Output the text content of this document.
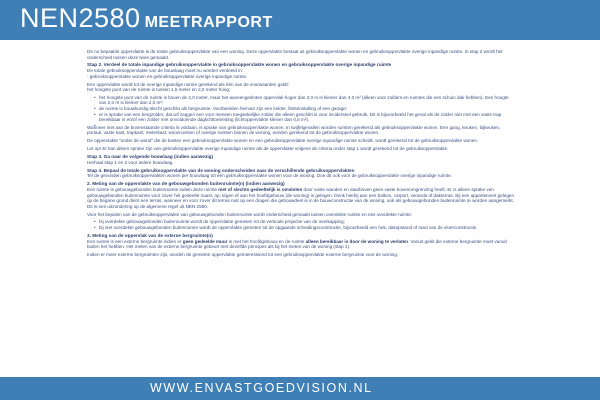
NEN2580 MEETRAPPORT

De nu bepaalde oppervlakte is de totale gebruiksoppervlakte van een woning. Deze oppervlakte bestaat uit gebruiksoppervlakte wonen en gebruiksoppervlakte overige inpandige ruimte. In stap 2 wordt het onderscheid tussen deze twee gemaakt.

Stap 2. Verdeel de totale inpandige gebruiksoppervlakte in gebruiksoppervlakte wonen en gebruiksoppervlakte overige inpandige ruimte

De totale gebruiksoppervlakte van de bouwlaag moet nu worden verdeeld in:
- gebruiksoppervlakte wonen en gebruiksoppervlakte overige inpandige ruimte.

Een oppervlakte wordt tot de overige inpandige ruimte gerekend als één van de voorwaarden geldt:
het hoogste punt van de ruimte is tussen 1,5 meter en 2,0 meter hoog;

• het hoogste punt van de ruimte is boven de 2,0 meter, maar het aaneengesloten oppervlak hoger dan 2,0 m is kleiner dan 4,0 m² (alleen voor zolders en ruimtes die een schuin dak hebben). Een hoogte van 2,0 m is kleiner dan 2,0 m²;
• de ruimte is bouwkundig slecht geschikt als bergruimte. Voorbeelden hiervan zijn een kelder, fietsenstalling of een garage;
• er is sprake van een bergzolder, dat wil zeggen een voor mensen toegankelijke zolder die alleen geschikt is voor incidenteel gebruik. Dit is bijvoorbeeld het geval als de zolder niet met een vaste trap bereikbaar is en/of een zolder met onvoldoende daglichttoetreding (lichtoppervlakte kleiner dan 0,5 m²).

Wanneer niet aan de bovenstaande criteria is voldaan, is sprake van gebruiksoppervlakte wonen. In twijfelgevallen worden ruimten gerekend als gebruiksoppervlakte wonen. Een gang, keuken, bijkeuken, portaal, vaste kast, trapkast, meterkast, woonruimten of overige ruimten binnen de woning, worden gerekend tot de gebruiksoppervlakte wonen.

De oppervlakte "onder de wand" die de kasten een gebruiksoppervlakte wonen en een gebruiksoppervlakte overige inpandige ruimte scheidt, wordt gerekend tot de gebruiksoppervlakte wonen.

Let op! Er kan alleen sprake zijn van gebruiksoppervlakte overige inpandige ruimte als de oppervlakte volgens de criteria onder stap 1 wordt gerekend tot de gebruiksoppervlakte.

Stap 3. Ga naar de volgende bouwlaag (indien aanwezig)

Herhaal stap 1 en 2 voor iedere bouwlaag.

Stap 4. Bepaal de totale gebruiksoppervlakte van de woning onderscheiden naar de verschillende gebruiksoppervlakten

Tel de gevonden gebruiksoppervlakten wonen per bouwlaag tot één gebruiksoppervlakte wonen voor de woning. Doe dit ook voor de gebruiksoppervlakte overige inpandige ruimte.

2. Meting van de oppervlakte van de gebouwgebonden buitenruimte(n) (indien aanwezig)

Een ruimte is gebouwgebonden buitenruimte indien deze ruimte niet of slechts gedeeltelijk is omsloten door vaste wanden en daarboven geen vaste bovenomgrenzing heeft. Er is alleen sprake van gebouwgebonden buitenruimte voor zover het gedeelte naast, op, tegen of aan het hoofdgebouw (de woning) is gelegen. Denk hierbij aan een balkon, carport, veranda of dakterras. Bij een appartement gelegen op de begane grond dient een terras, wanneer en voor zover dit terras rust op een dragen die gebouwdeel is in de bouwconstructie van de woning, ook als gebouwgebonden buitenruimte te worden aangemerkt. Dit is een uitzondering op de algemene regel uit NEN 2580.

Voor het bepalen van de gebruiksoppervlakte van gebouwgebonden buitenruimte wordt onderscheid gemaakt tussen overdekte ruimte en niet overdekte ruimte:

• bij overdekte gebouwgebonden buitenruimte wordt de oppervlakte gemeten tot de verticale projectie van de overkapping;
• bij niet overdekte gebouwgebonden buitenruimte wordt de oppervlakte gemeten tot de opgaande scheidingsconstructie, bijvoorbeeld een hek, dakopstand of rand van de vloerconstructie.
3. Meting van de oppervlak van de externe bergruimte(n)

Een ruimte is een externe bergruimte indien er geen gedeelde muur is met het hoofdgebouw en de ruimte alleen bereikbaar is door de woning te verlaten. Vanuit gebit die externe bergruimte moet vanuit buiten het hebben. Het meten van de externe bergruimte gebeurt met dezelfde principes als bij het meten van de woning (stap 1).

Indien er meer externe bergruimten zijn, worden de gemeten oppervlakte geïnteressiend tot een gebruiksoppervlakte externe bergruimte voor de woning.

WWW.ENVASTGOEDVISION.NL
